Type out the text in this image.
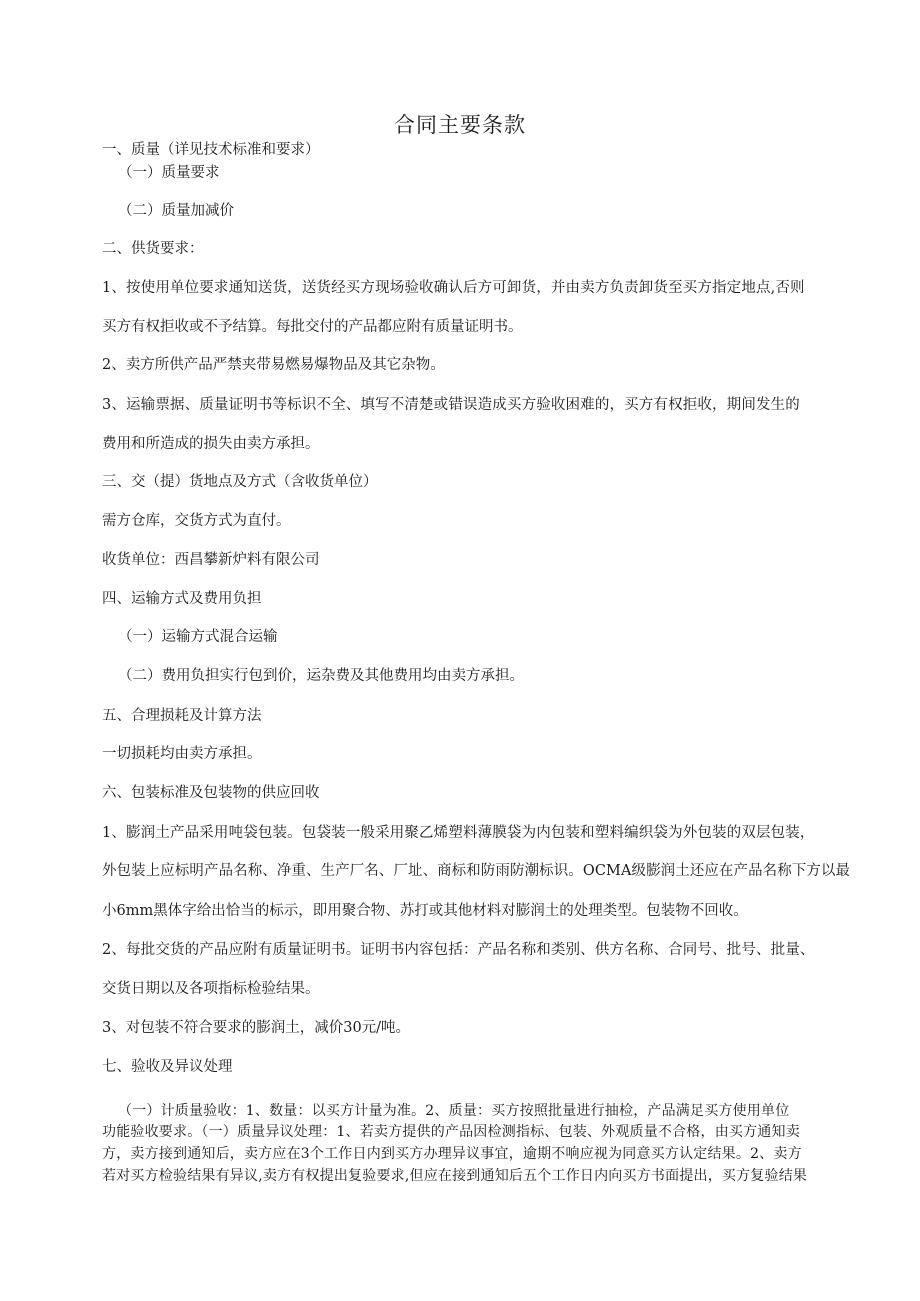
合同主要条款
一、质量（详见技术标准和要求）
（一）质量要求
（二）质量加减价
二、供货要求：
1、按使用单位要求通知送货，送货经买方现场验收确认后方可卸货，并由卖方负责卸货至买方指定地点,否则
买方有权拒收或不予结算。每批交付的产品都应附有质量证明书。
2、卖方所供产品严禁夹带易燃易爆物品及其它杂物。
3、运输票据、质量证明书等标识不全、填写不清楚或错误造成买方验收困难的，买方有权拒收，期间发生的
费用和所造成的损失由卖方承担。
三、交（提）货地点及方式（含收货单位）
需方仓库，交货方式为直付。
收货单位：西昌攀新炉料有限公司
四、运输方式及费用负担
（一）运输方式混合运输
（二）费用负担实行包到价，运杂费及其他费用均由卖方承担。
五、合理损耗及计算方法
一切损耗均由卖方承担。
六、包装标准及包装物的供应回收
1、膨润土产品采用吨袋包装。包袋装一般采用聚乙烯塑料薄膜袋为内包装和塑料编织袋为外包装的双层包装，
外包装上应标明产品名称、净重、生产厂名、厂址、商标和防雨防潮标识。OCMA级膨润土还应在产品名称下方以最
小6mm黑体字给出恰当的标示，即用聚合物、苏打或其他材料对膨润土的处理类型。包装物不回收。
2、每批交货的产品应附有质量证明书。证明书内容包括：产品名称和类别、供方名称、合同号、批号、批量、
交货日期以及各项指标检验结果。
3、对包装不符合要求的膨润土，减价30元/吨。
七、验收及异议处理
（一）计质量验收：1、数量：以买方计量为准。2、质量：买方按照批量进行抽检，产品满足买方使用单位
功能验收要求。（一）质量异议处理：1、若卖方提供的产品因检测指标、包装、外观质量不合格，由买方通知卖
方，卖方接到通知后，卖方应在3个工作日内到买方办理异议事宜，逾期不响应视为同意买方认定结果。2、卖方
若对买方检验结果有异议,卖方有权提出复验要求,但应在接到通知后五个工作日内向买方书面提出，买方复验结果
